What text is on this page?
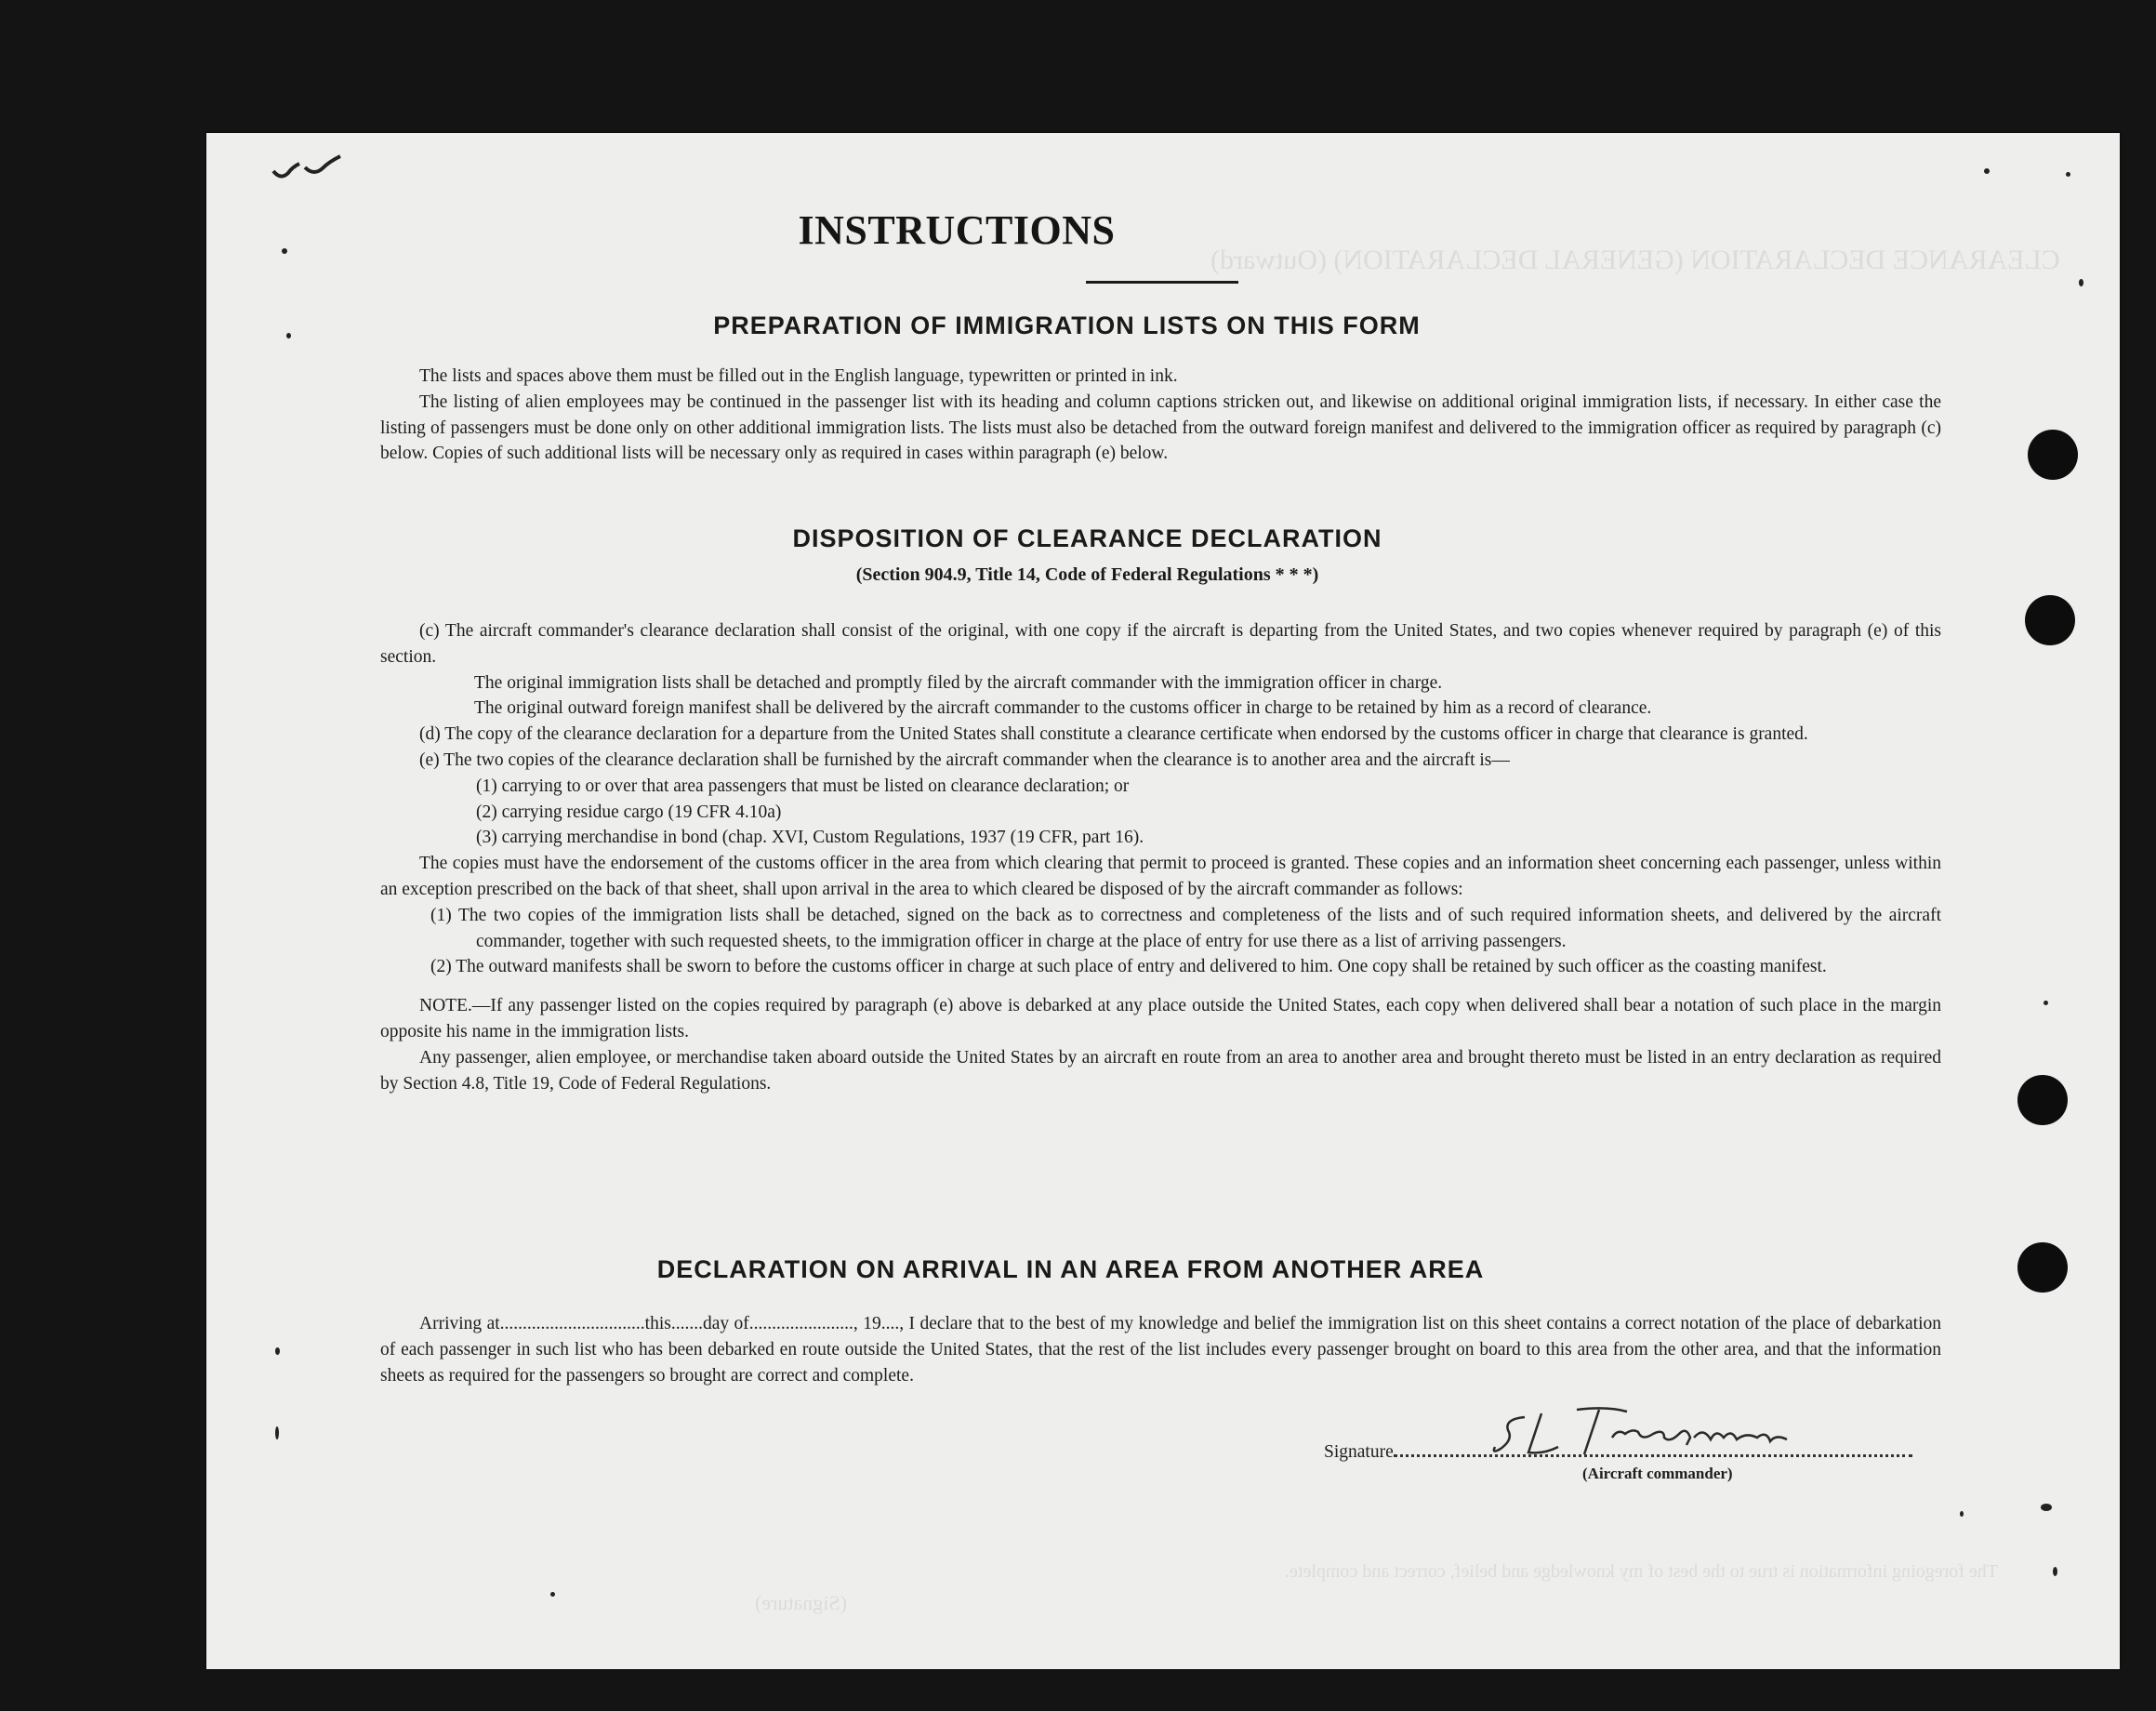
CLEARANCE DECLARATION (GENERAL DECLARATION) (Outward)
(Signature)
The foregoing information is true to the best of my knowledge and belief, correct and complete.
INSTRUCTIONS
PREPARATION OF IMMIGRATION LISTS ON THIS FORM

The lists and spaces above them must be filled out in the English language, typewritten or printed in ink.

The listing of alien employees may be continued in the passenger list with its heading and column captions stricken out, and likewise on additional original immigration lists, if necessary. In either case the listing of passengers must be done only on other additional immigration lists. The lists must also be detached from the outward foreign manifest and delivered to the immigration officer as required by paragraph (c) below. Copies of such additional lists will be necessary only as required in cases within paragraph (e) below.

DISPOSITION OF CLEARANCE DECLARATION
(Section 904.9, Title 14, Code of Federal Regulations * * *)

(c) The aircraft commander's clearance declaration shall consist of the original, with one copy if the aircraft is departing from the United States, and two copies whenever required by paragraph (e) of this section.

The original immigration lists shall be detached and promptly filed by the aircraft commander with the immigration officer in charge.

The original outward foreign manifest shall be delivered by the aircraft commander to the customs officer in charge to be retained by him as a record of clearance.

(d) The copy of the clearance declaration for a departure from the United States shall constitute a clearance certificate when endorsed by the customs officer in charge that clearance is granted.

(e) The two copies of the clearance declaration shall be furnished by the aircraft commander when the clearance is to another area and the aircraft is—

(1) carrying to or over that area passengers that must be listed on clearance declaration; or

(2) carrying residue cargo (19 CFR 4.10a)

(3) carrying merchandise in bond (chap. XVI, Custom Regulations, 1937 (19 CFR, part 16).

The copies must have the endorsement of the customs officer in the area from which clearing that permit to proceed is granted. These copies and an information sheet concerning each passenger, unless within an exception prescribed on the back of that sheet, shall upon arrival in the area to which cleared be disposed of by the aircraft commander as follows:

(1) The two copies of the immigration lists shall be detached, signed on the back as to correctness and completeness of the lists and of such required information sheets, and delivered by the aircraft commander, together with such requested sheets, to the immigration officer in charge at the place of entry for use there as a list of arriving passengers.

(2) The outward manifests shall be sworn to before the customs officer in charge at such place of entry and delivered to him. One copy shall be retained by such officer as the coasting manifest.

NOTE.—If any passenger listed on the copies required by paragraph (e) above is debarked at any place outside the United States, each copy when delivered shall bear a notation of such place in the margin opposite his name in the immigration lists.

Any passenger, alien employee, or merchandise taken aboard outside the United States by an aircraft en route from an area to another area and brought thereto must be listed in an entry declaration as required by Section 4.8, Title 19, Code of Federal Regulations.

DECLARATION ON ARRIVAL IN AN AREA FROM ANOTHER AREA

Arriving at................................this.......day of......................., 19...., I declare that to the best of my knowledge and belief the immigration list on this sheet contains a correct notation of the place of debarkation of each passenger in such list who has been debarked en route outside the United States, that the rest of the list includes every passenger brought on board to this area from the other area, and that the information sheets as required for the passengers so brought are correct and complete.

Signature
(Aircraft commander)
